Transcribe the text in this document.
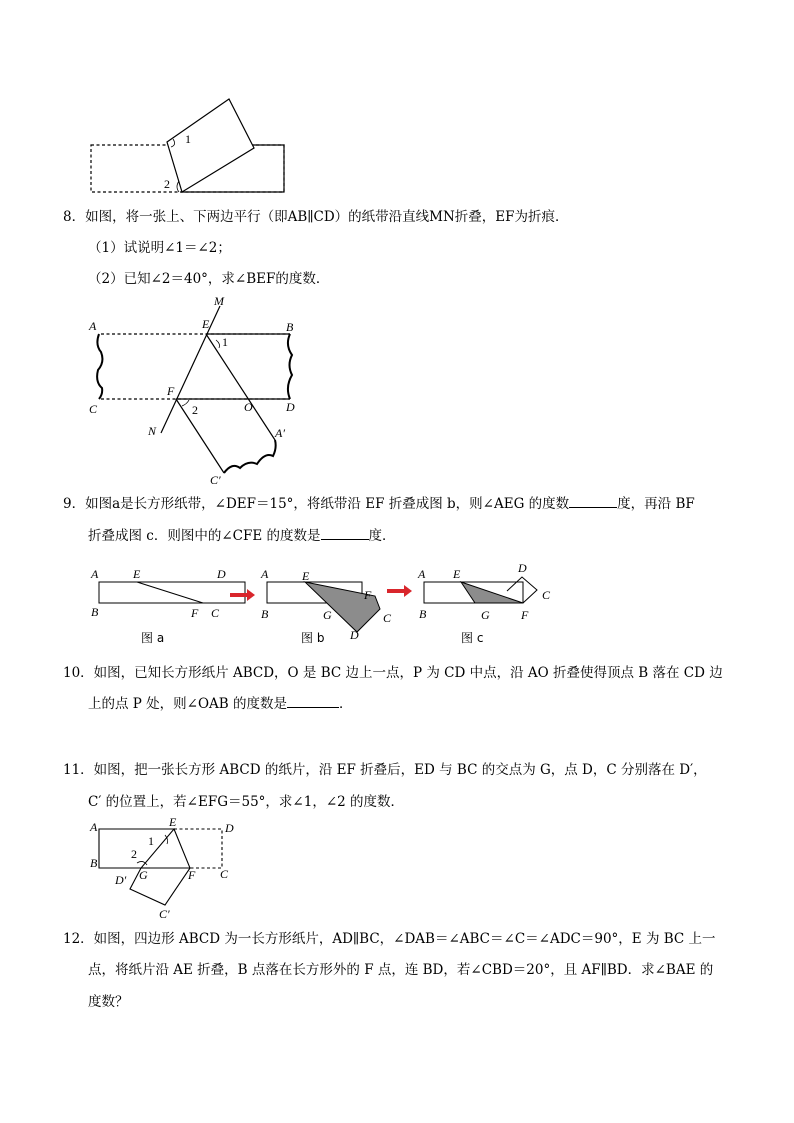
1
2
8．如图，将一张上、下两边平行（即AB∥CD）的纸带沿直线MN折叠，EF为折痕．
（1）试说明∠1＝∠2；
（2）已知∠2＝40°，求∠BEF的度数．
A	B
C	D
E
F
M
N
O
1
2
A′
C′
9．如图a是长方形纸带，∠DEF＝15°，将纸带沿 EF 折叠成图 b，则∠AEG 的度数	度，再沿 BF
折叠成图 c．则图中的∠CFE 的度数是	度．
A	E	D
B	F C
图 a
A	E
F
B	G	C
D
图 b
A E	D
C
B	G	F
图 c
10．如图，已知长方形纸片 ABCD，O 是 BC 边上一点，P 为 CD 中点，沿 AO 折叠使得顶点 B 落在 CD 边
上的点 P 处，则∠OAB 的度数是	．
11．如图，把一张长方形 ABCD 的纸片，沿 EF 折叠后，ED 与 BC 的交点为 G，点 D，C 分别落在 D′，
C′ 的位置上，若∠EFG＝55°，求∠1，∠2 的度数．
A	E	D
1
2
B
D′ G	F C
C′
12．如图，四边形 ABCD 为一长方形纸片，AD∥BC，∠DAB＝∠ABC＝∠C＝∠ADC＝90°，E 为 BC 上一
点，将纸片沿 AE 折叠，B 点落在长方形外的 F 点，连 BD，若∠CBD＝20°，且 AF∥BD．求∠BAE 的
度数？
